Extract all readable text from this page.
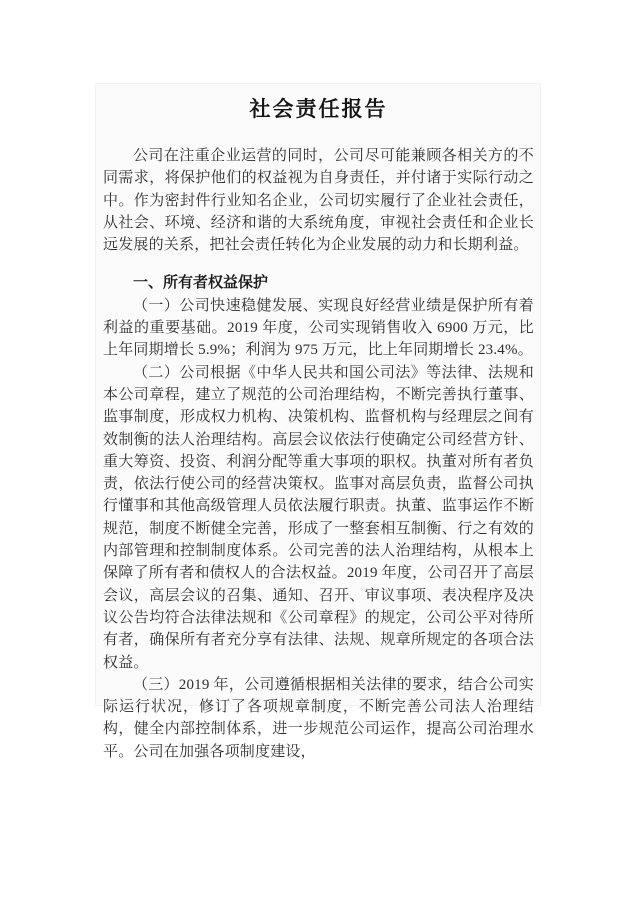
社会责任报告

公司在注重企业运营的同时，公司尽可能兼顾各相关方的不同需求，将保护他们的权益视为自身责任，并付诸于实际行动之中。作为密封件行业知名企业，公司切实履行了企业社会责任，从社会、环境、经济和谐的大系统角度，审视社会责任和企业长远发展的关系，把社会责任转化为企业发展的动力和长期利益。

一、所有者权益保护

（一）公司快速稳健发展、实现良好经营业绩是保护所有着利益的重要基础。2019 年度，公司实现销售收入 6900 万元，比上年同期增长 5.9%；利润为 975 万元，比上年同期增长 23.4%。

（二）公司根据《中华人民共和国公司法》等法律、法规和本公司章程，建立了规范的公司治理结构，不断完善执行董事、监事制度，形成权力机构、决策机构、监督机构与经理层之间有效制衡的法人治理结构。高层会议依法行使确定公司经营方针、重大筹资、投资、利润分配等重大事项的职权。执董对所有者负责，依法行使公司的经营决策权。监事对高层负责，监督公司执行懂事和其他高级管理人员依法履行职责。执董、监事运作不断规范，制度不断健全完善，形成了一整套相互制衡、行之有效的内部管理和控制制度体系。公司完善的法人治理结构，从根本上保障了所有者和债权人的合法权益。2019 年度，公司召开了高层会议，高层会议的召集、通知、召开、审议事项、表决程序及决议公告均符合法律法规和《公司章程》的规定，公司公平对待所有者，确保所有者充分享有法律、法规、规章所规定的各项合法权益。

（三）2019 年，公司遵循根据相关法律的要求，结合公司实际运行状况，修订了各项规章制度，不断完善公司法人治理结构，健全内部控制体系，进一步规范公司运作，提高公司治理水平。公司在加强各项制度建设，
